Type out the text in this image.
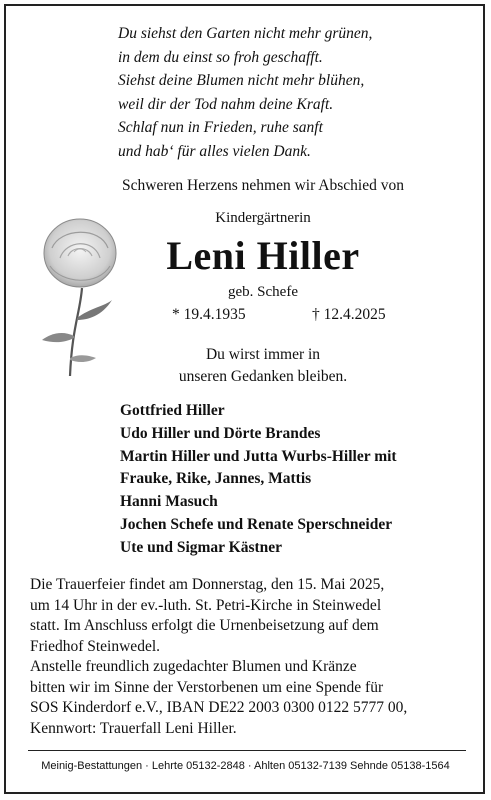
Du siehst den Garten nicht mehr grünen,
in dem du einst so froh geschafft.
Siehst deine Blumen nicht mehr blühen,
weil dir der Tod nahm deine Kraft.
Schlaf nun in Frieden, ruhe sanft
und hab‘ für alles vielen Dank.
Schweren Herzens nehmen wir Abschied von
Kindergärtnerin
Leni Hiller
geb. Schefe
* 19.4.1935	† 12.4.2025
Du wirst immer in
unseren Gedanken bleiben.
Gottfried Hiller
Udo Hiller und Dörte Brandes
Martin Hiller und Jutta Wurbs-Hiller mit
Frauke, Rike, Jannes, Mattis
Hanni Masuch
Jochen Schefe und Renate Sperschneider
Ute und Sigmar Kästner
Die Trauerfeier findet am Donnerstag, den 15. Mai 2025,
um 14 Uhr in der ev.-luth. St. Petri-Kirche in Steinwedel
statt. Im Anschluss erfolgt die Urnenbeisetzung auf dem
Friedhof Steinwedel.
Anstelle freundlich zugedachter Blumen und Kränze
bitten wir im Sinne der Verstorbenen um eine Spende für
SOS Kinderdorf e.V., IBAN DE22 2003 0300 0122 5777 00,
Kennwort: Trauerfall Leni Hiller.
Meinig-Bestattungen · Lehrte 05132-2848 · Ahlten 05132-7139 Sehnde 05138-1564
